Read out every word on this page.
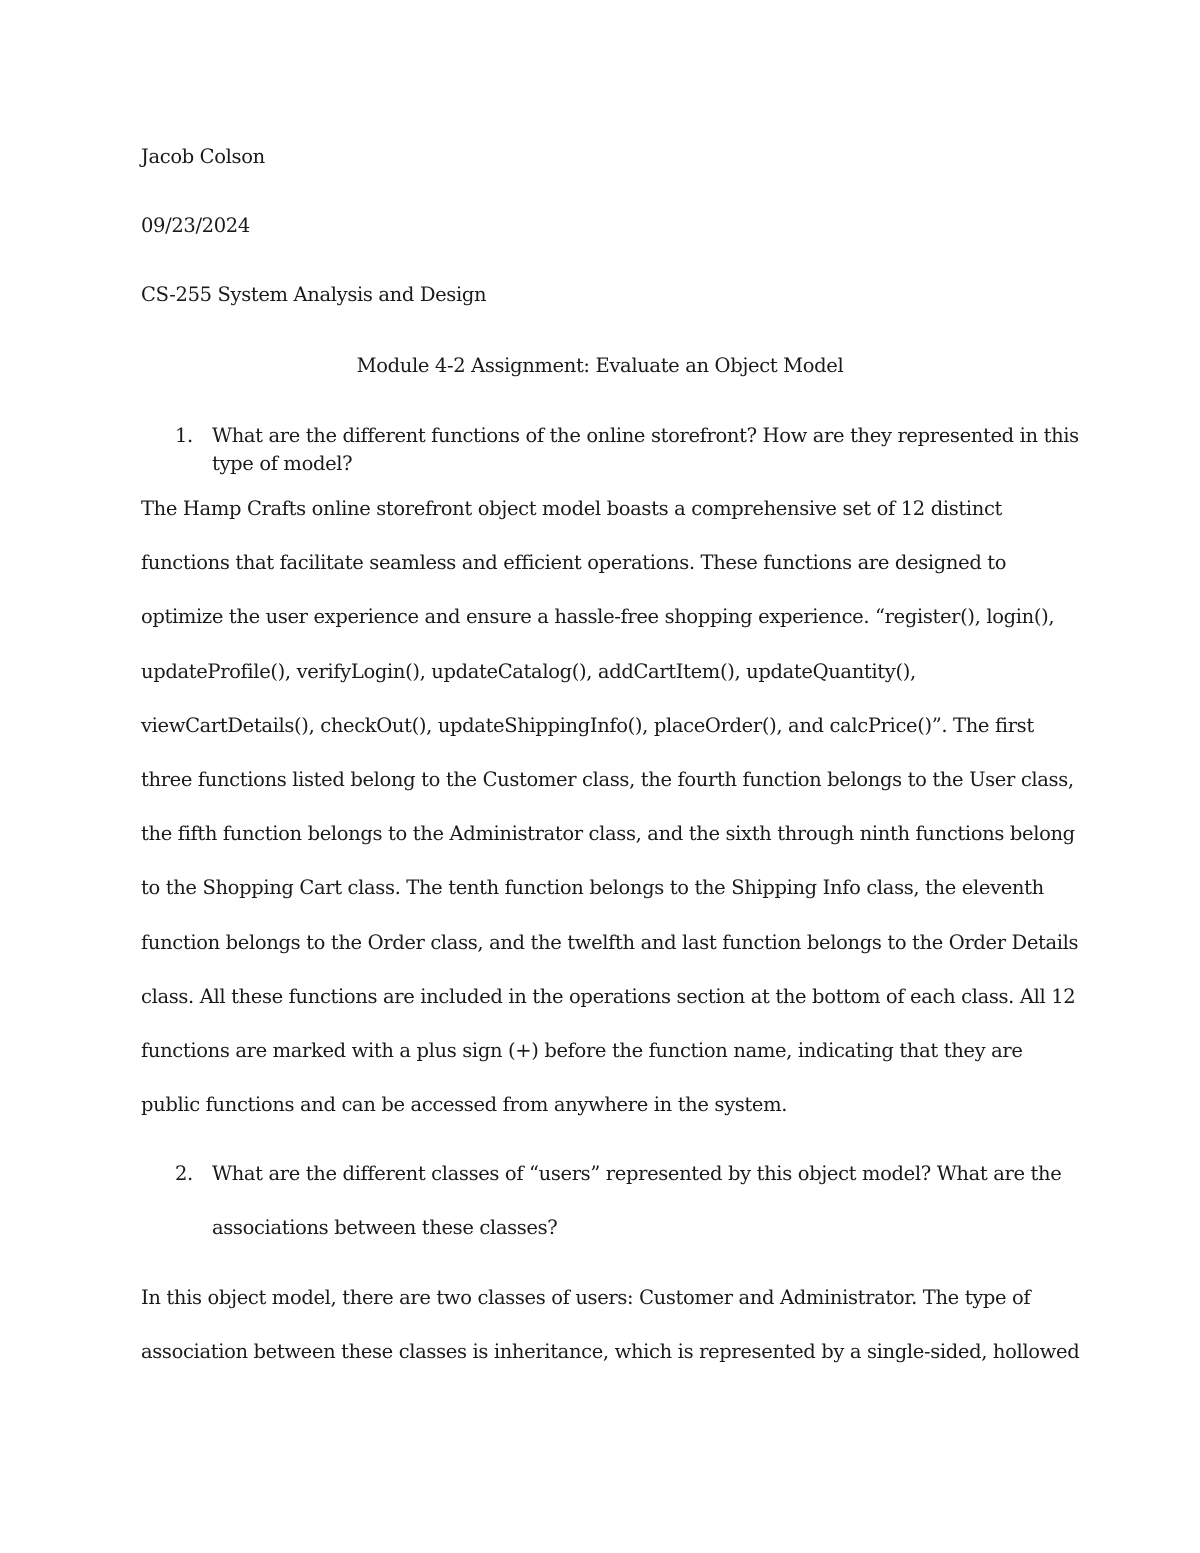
Jacob Colson

09/23/2024

CS-255 System Analysis and Design

Module 4-2 Assignment: Evaluate an Object Model

1. What are the different functions of the online storefront? How are they represented in this
type of model?
The Hamp Crafts online storefront object model boasts a comprehensive set of 12 distinct
functions that facilitate seamless and efficient operations. These functions are designed to
optimize the user experience and ensure a hassle-free shopping experience. “register(), login(),
updateProfile(), verifyLogin(), updateCatalog(), addCartItem(), updateQuantity(),
viewCartDetails(), checkOut(), updateShippingInfo(), placeOrder(), and calcPrice()”. The first
three functions listed belong to the Customer class, the fourth function belongs to the User class,
the fifth function belongs to the Administrator class, and the sixth through ninth functions belong
to the Shopping Cart class. The tenth function belongs to the Shipping Info class, the eleventh
function belongs to the Order class, and the twelfth and last function belongs to the Order Details
class. All these functions are included in the operations section at the bottom of each class. All 12
functions are marked with a plus sign (+) before the function name, indicating that they are
public functions and can be accessed from anywhere in the system.
2. What are the different classes of “users” represented by this object model? What are the
associations between these classes?
In this object model, there are two classes of users: Customer and Administrator. The type of
association between these classes is inheritance, which is represented by a single-sided, hollowed
